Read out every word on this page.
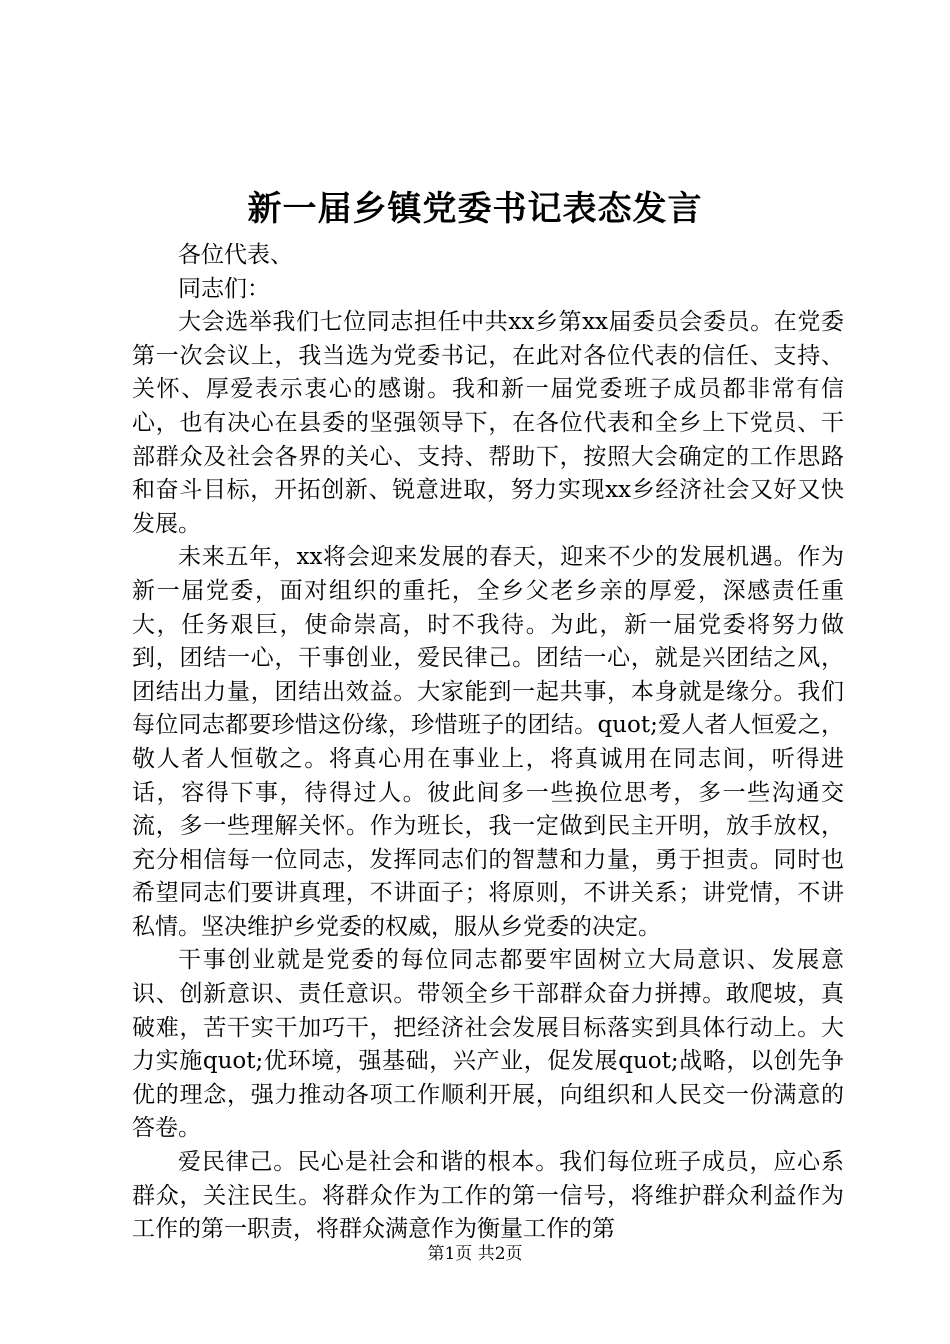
新一届乡镇党委书记表态发言

各位代表、

同志们：

大会选举我们七位同志担任中共xx乡第xx届委员会委员。在党委第一次会议上，我当选为党委书记，在此对各位代表的信任、支持、关怀、厚爱表示衷心的感谢。我和新一届党委班子成员都非常有信心，也有决心在县委的坚强领导下，在各位代表和全乡上下党员、干部群众及社会各界的关心、支持、帮助下，按照大会确定的工作思路和奋斗目标，开拓创新、锐意进取，努力实现xx乡经济社会又好又快发展。

未来五年，xx将会迎来发展的春天，迎来不少的发展机遇。作为新一届党委，面对组织的重托，全乡父老乡亲的厚爱，深感责任重大，任务艰巨，使命崇高，时不我待。为此，新一届党委将努力做到，团结一心，干事创业，爱民律己。团结一心，就是兴团结之风，团结出力量，团结出效益。大家能到一起共事，本身就是缘分。我们每位同志都要珍惜这份缘，珍惜班子的团结。quot;爱人者人恒爱之，敬人者人恒敬之。将真心用在事业上，将真诚用在同志间，听得进话，容得下事，待得过人。彼此间多一些换位思考，多一些沟通交流，多一些理解关怀。作为班长，我一定做到民主开明，放手放权，充分相信每一位同志，发挥同志们的智慧和力量，勇于担责。同时也希望同志们要讲真理，不讲面子；将原则，不讲关系；讲党情，不讲私情。坚决维护乡党委的权威，服从乡党委的决定。

干事创业就是党委的每位同志都要牢固树立大局意识、发展意识、创新意识、责任意识。带领全乡干部群众奋力拼搏。敢爬坡，真破难，苦干实干加巧干，把经济社会发展目标落实到具体行动上。大力实施quot;优环境，强基础，兴产业，促发展quot;战略，以创先争优的理念，强力推动各项工作顺利开展，向组织和人民交一份满意的答卷。

爱民律己。民心是社会和谐的根本。我们每位班子成员，应心系群众，关注民生。将群众作为工作的第一信号，将维护群众利益作为工作的第一职责，将群众满意作为衡量工作的第

第1页 共2页
